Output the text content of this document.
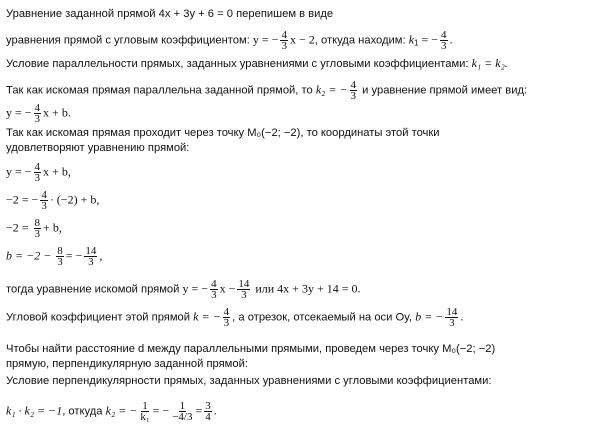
Уравнение заданной прямой 4x + 3y + 6 = 0 перепишем в виде
уравнения прямой с угловым коэффициентом: y = − $\frac{4}{3}$ x − 2, откуда находим: $k_1$ = − $\frac{4}{3}$ .
Условие параллельности прямых, заданных уравнениями с угловыми коэффициентами: k₁ = k₂.
Так как искомая прямая параллельна заданной прямой, то k₂ = − $\frac{4}{3}$ и уравнение прямой имеет вид:
y = − $\frac{4}{3}$ x + b.
Так как искомая прямая проходит через точку M₀(−2; −2), то координаты этой точки
удовлетворяют уравнению прямой:
y = − $\frac{4}{3}$ x + b,
−2 = − $\frac{4}{3} \cdot (-2) + b$,
$-2 = \frac{8}{3} + b$,
$b = -2 - \frac{8}{3}$ = − $\frac{14}{3}$ ,
тогда уравнение искомой прямой y = − $\frac{4}{3}$ $x - \frac{14}{3}$ или 4x + 3y + 14 = 0.
Угловой коэффициент этой прямой k = − $\frac{4}{3}$ , а отрезок, отсекаемый на оси Oy, b = − $\frac{14}{3}$ .
Чтобы найти расстояние d между параллельными прямыми, проведем через точку M₀(−2; −2)
прямую, перпендикулярную заданной прямой:
Условие перпендикулярности прямых, заданных уравнениями с угловыми коэффициентами:
k₁ · k₂ = −1, откуда k₂ = − $\frac{1}{\text{k₁}}$ = − $\frac{1}{-4/3} = \frac{3}{4}$ .
